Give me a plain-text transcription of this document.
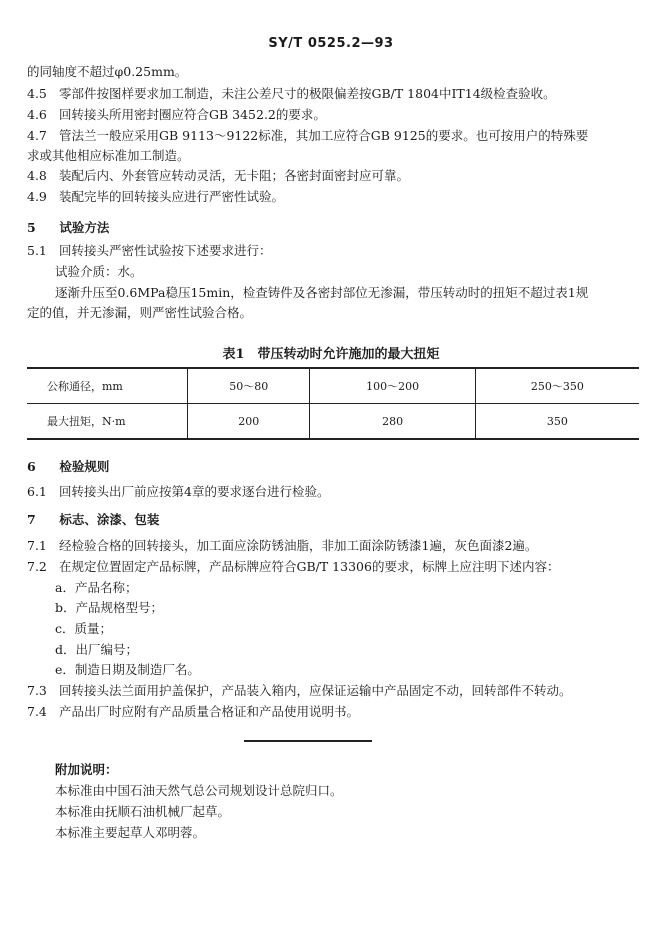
SY/T 0525.2—93
的同轴度不超过φ0.25mm。
4.5 零部件按图样要求加工制造，未注公差尺寸的极限偏差按GB/T 1804中IT14级检查验收。
4.6 回转接头所用密封圈应符合GB 3452.2的要求。
4.7 管法兰一般应采用GB 9113～9122标准，其加工应符合GB 9125的要求。也可按用户的特殊要
求或其他相应标准加工制造。
4.8 装配后内、外套管应转动灵活，无卡阻；各密封面密封应可靠。
4.9 装配完毕的回转接头应进行严密性试验。
5 试验方法
5.1 回转接头严密性试验按下述要求进行：
试验介质：水。
逐渐升压至0.6MPa稳压15min，检查铸件及各密封部位无渗漏，带压转动时的扭矩不超过表1规
定的值，并无渗漏，则严密性试验合格。
表1　带压转动时允许施加的最大扭矩
公称通径，mm	50～80	100～200	250～350
最大扭矩，N·m	200	280	350
6 检验规则
6.1 回转接头出厂前应按第4章的要求逐台进行检验。
7 标志、涂漆、包装
7.1 经检验合格的回转接头，加工面应涂防锈油脂，非加工面涂防锈漆1遍，灰色面漆2遍。
7.2 在规定位置固定产品标牌，产品标牌应符合GB/T 13306的要求，标牌上应注明下述内容：
a．产品名称；
b．产品规格型号；
c．质量；
d．出厂编号；
e．制造日期及制造厂名。
7.3 回转接头法兰面用护盖保护，产品装入箱内，应保证运输中产品固定不动，回转部件不转动。
7.4 产品出厂时应附有产品质量合格证和产品使用说明书。
附加说明：
本标准由中国石油天然气总公司规划设计总院归口。
本标准由抚顺石油机械厂起草。
本标准主要起草人邓明蓉。
